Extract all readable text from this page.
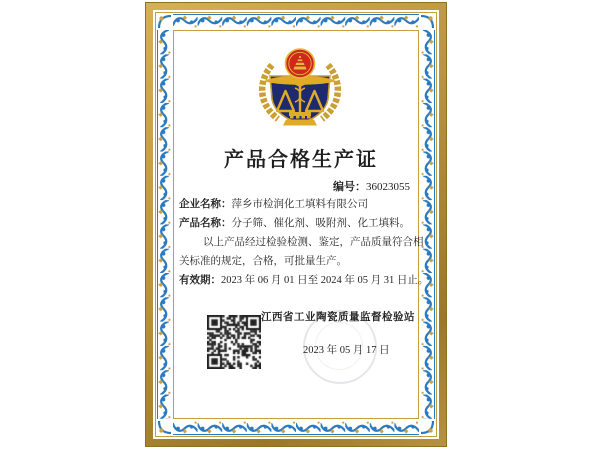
产品合格生产证
编号：36023055
企业名称：萍乡市检润化工填料有限公司
产品名称：分子筛、催化剂、吸附剂、化工填料。
以上产品经过检验检测、鉴定，产品质量符合相
关标准的规定，合格，可批量生产。
有效期：2023 年 06 月 01 日至 2024 年 05 月 31 日止。
江西省工业陶瓷质量监督检验站
2023 年 05 月 17 日
